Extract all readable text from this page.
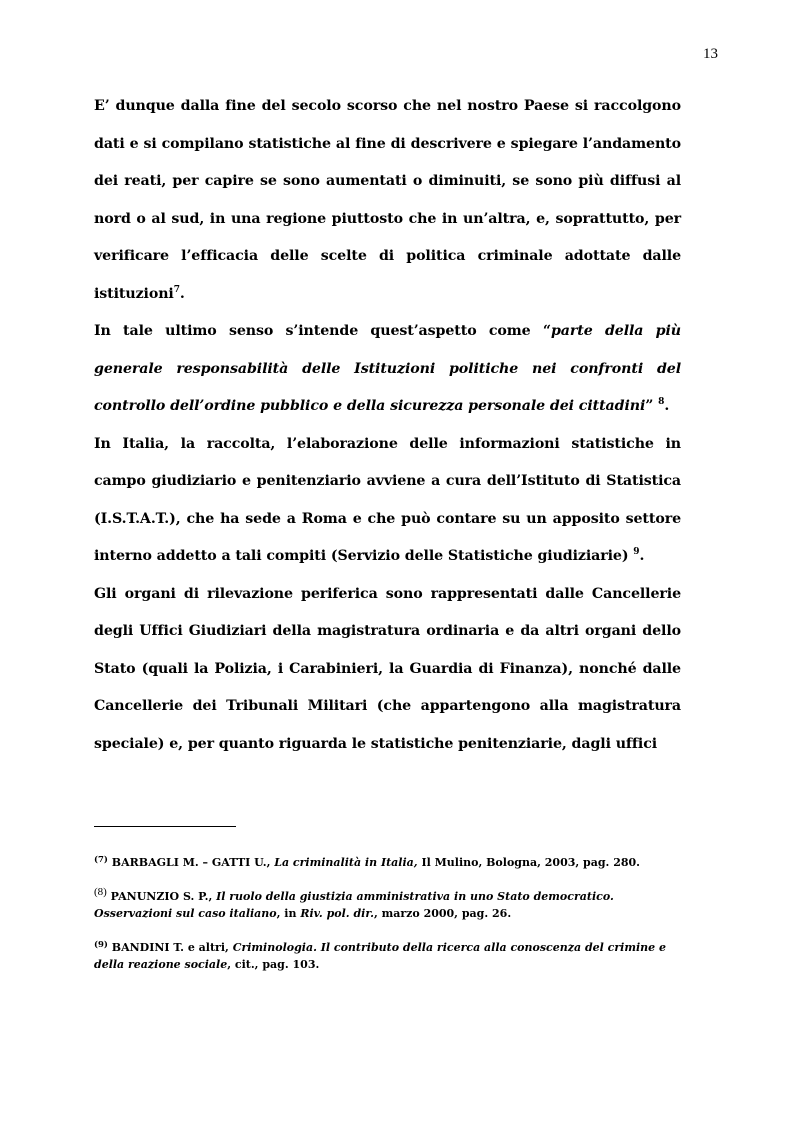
13

E’ dunque dalla fine del secolo scorso che nel nostro Paese si raccolgono dati e si compilano statistiche al fine di descrivere e spiegare l’andamento dei reati, per capire se sono aumentati o diminuiti, se sono più diffusi al nord o al sud, in una regione piuttosto che in un’altra, e, soprattutto, per verificare l’efficacia delle scelte di politica criminale adottate dalle istituzioni$^7$.

In tale ultimo senso s’intende quest’aspetto come “parte della più generale responsabilità delle Istituzioni politiche nei confronti del controllo dell’ordine pubblico e della sicurezza personale dei cittadini” $^8$.

In Italia, la raccolta, l’elaborazione delle informazioni statistiche in campo giudiziario e penitenziario avviene a cura dell’Istituto di Statistica (I.S.T.A.T.), che ha sede a Roma e che può contare su un apposito settore interno addetto a tali compiti (Servizio delle Statistiche giudiziarie) $^9$.

Gli organi di rilevazione periferica sono rappresentati dalle Cancellerie degli Uffici Giudiziari della magistratura ordinaria e da altri organi dello Stato (quali la Polizia, i Carabinieri, la Guardia di Finanza), nonché dalle Cancellerie dei Tribunali Militari (che appartengono alla magistratura speciale) e, per quanto riguarda le statistiche penitenziarie, dagli uffici

$^{(7)}$ BARBAGLI M. – GATTI U., La criminalità in Italia, Il Mulino, Bologna, 2003, pag. 280.

(8) PANUNZIO S. P., Il ruolo della giustizia amministrativa in uno Stato democratico. Osservazioni sul caso italiano, in Riv. pol. dir., marzo 2000, pag. 26.

$^{(9)}$ BANDINI T. e altri, Criminologia. Il contributo della ricerca alla conoscenza del crimine e della reazione sociale, cit., pag. 103.
